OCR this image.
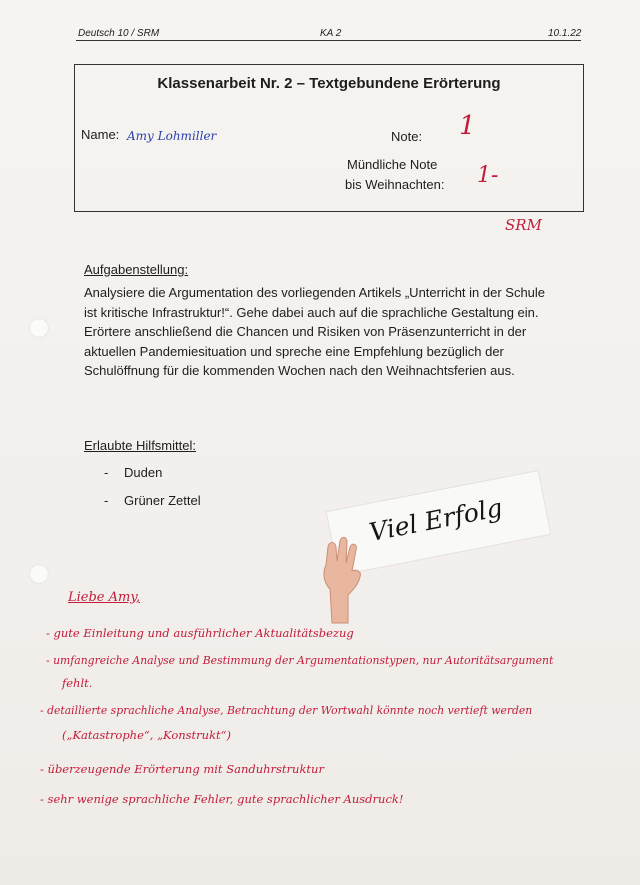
Deutsch 10 / SRM	KA 2	10.1.22
Klassenarbeit Nr. 2 – Textgebundene Erörterung
Name: Amy Lohmiller	Note: 1
Mündliche Note
bis Weihnachten: 1-
SRM
Aufgabenstellung:
Analysiere die Argumentation des vorliegenden Artikels „Unterricht in der Schule ist kritische Infrastruktur!“. Gehe dabei auch auf die sprachliche Gestaltung ein. Erörtere anschließend die Chancen und Risiken von Präsenzunterricht in der aktuellen Pandemiesituation und spreche eine Empfehlung bezüglich der Schulöffnung für die kommenden Wochen nach den Weihnachtsferien aus.
Erlaubte Hilfsmittel:
- Duden
- Grüner Zettel	Viel Erfolg
Liebe Amy,
- gute Einleitung und ausführlicher Aktualitätsbezug
- umfangreiche Analyse und Bestimmung der Argumentationstypen, nur Autoritätsargument
fehlt.
- detaillierte sprachliche Analyse, Betrachtung der Wortwahl könnte noch vertieft werden
(„Katastrophe“, „Konstrukt“)
- überzeugende Erörterung mit Sanduhrstruktur
- sehr wenige sprachliche Fehler, gute sprachlicher Ausdruck!
